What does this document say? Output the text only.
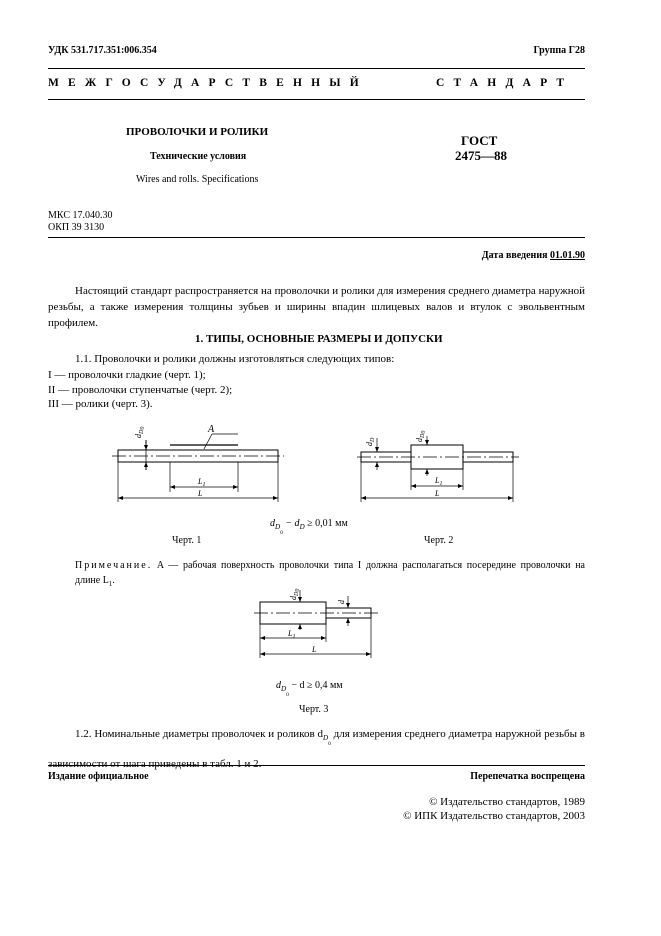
УДК 531.717.351:006.354	Группа Г28
МЕЖГОСУДАРСТВЕННЫЙ	СТАНДАРТ
ПРОВОЛОЧКИ И РОЛИКИ
Технические условия
Wires and rolls. Specifications
ГОСТ
2475—88
МКС 17.040.30
ОКП 39 3130
Дата введения 01.01.90

Настоящий стандарт распространяется на проволочки и ролики для измерения среднего диаметра наружной резьбы, а также измерения толщины зубьев и ширины впадин шлицевых валов и втулок с эвольвентным профилем.

1. ТИПЫ, ОСНОВНЫЕ РАЗМЕРЫ И ДОПУСКИ
1.1. Проволочки и ролики должны изготовляться следующих типов:
I — проволочки гладкие (черт. 1);
II — проволочки ступенчатые (черт. 2);
III — ролики (черт. 3).
A
$d_D0$
$L_1$
L
$d_D$	$d_D0$
$L_1$
L
$d_{D_0} - d_D \ge 0,01$ мм
Черт. 1	Черт. 2
Примечание. A — рабочая поверхность проволочки типа I должна располагаться посередине проволочки на длине $L_1$.
$d_D0$
d
$L_1$
L
$d_{D_0} - d \ge 0,4$ мм
Черт. 3
1.2. Номинальные диаметры проволочек и роликов $d_{D_0}$ для измерения среднего диаметра наружной резьбы в зависимости от шага приведены в табл. 1 и 2.
Издание официальное	Перепечатка воспрещена
© Издательство стандартов, 1989
© ИПК Издательство стандартов, 2003
